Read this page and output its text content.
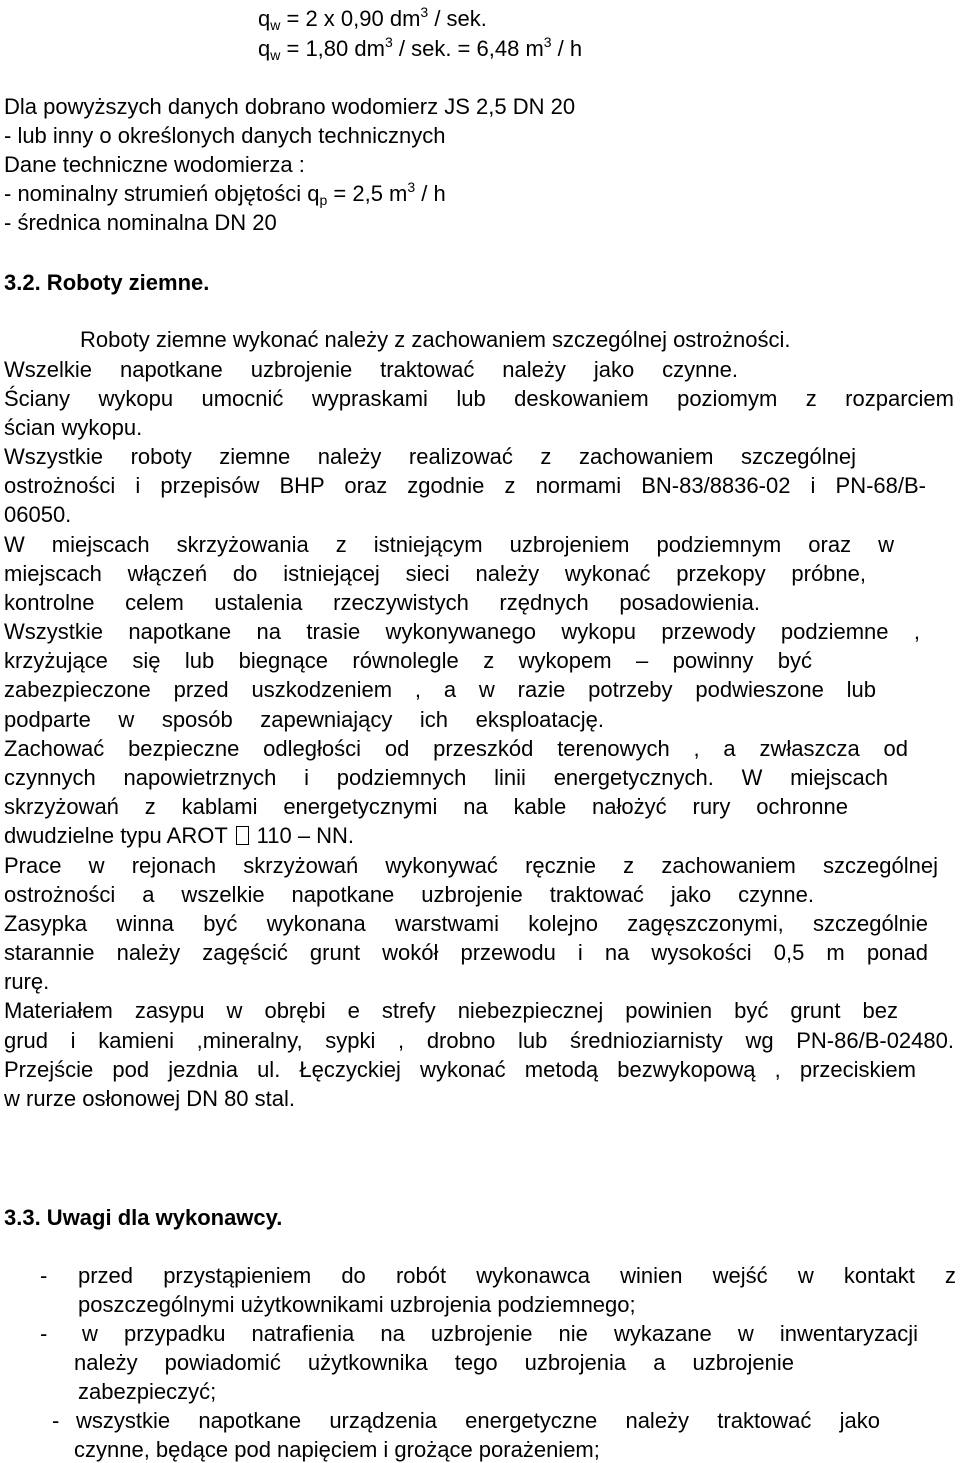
$q_w = 2$ x 0,90 $dm^3$ / sek.
$q_w = 1,80$ $dm^3$ / sek. = 6,48 $m^3$ / h
Dla powyższych danych dobrano wodomierz JS 2,5 DN 20
- lub inny o określonych danych technicznych
Dane techniczne wodomierza :
- nominalny strumień objętości $q_p = 2,5$ $m^3$ / h
- średnica nominalna DN 20
3.2. Roboty ziemne.
Roboty ziemne wykonać należy z zachowaniem szczególnej ostrożności.
Wszelkie napotkane uzbrojenie traktować należy jako czynne.
Ściany wykopu umocnić wypraskami lub deskowaniem poziomym z rozparciem
ścian wykopu.
Wszystkie roboty ziemne należy realizować z zachowaniem szczególnej
ostrożności i przepisów BHP oraz zgodnie z normami BN-83/8836-02 i PN-68/B-
06050.
W miejscach skrzyżowania z istniejącym uzbrojeniem podziemnym oraz w
miejscach włączeń do istniejącej sieci należy wykonać przekopy próbne,
kontrolne celem ustalenia rzeczywistych rzędnych posadowienia.
Wszystkie napotkane na trasie wykonywanego wykopu przewody podziemne ,
krzyżujące się lub biegnące równolegle z wykopem – powinny być
zabezpieczone przed uszkodzeniem , a w razie potrzeby podwieszone lub
podparte w sposób zapewniający ich eksploatację.
Zachować bezpieczne odległości od przeszkód terenowych , a zwłaszcza od
czynnych napowietrznych i podziemnych linii energetycznych. W miejscach
skrzyżowań z kablami energetycznymi na kable nałożyć rury ochronne
dwudzielne typu AROT  110 – NN.
Prace w rejonach skrzyżowań wykonywać ręcznie z zachowaniem szczególnej
ostrożności a wszelkie napotkane uzbrojenie traktować jako czynne.
Zasypka winna być wykonana warstwami kolejno zagęszczonymi, szczególnie
starannie należy zagęścić grunt wokół przewodu i na wysokości 0,5 m ponad
rurę.
Materiałem zasypu w obrębi e strefy niebezpiecznej powinien być grunt bez
grud i kamieni ,mineralny, sypki , drobno lub średnioziarnisty wg PN-86/B-02480.
Przejście pod jezdnia ul. Łęczyckiej wykonać metodą bezwykopową , przeciskiem
w rurze osłonowej DN 80 stal.
3.3. Uwagi dla wykonawcy.
- przed przystąpieniem do robót wykonawca winien wejść w kontakt z
poszczególnymi użytkownikami uzbrojenia podziemnego;
- w przypadku natrafienia na uzbrojenie nie wykazane w inwentaryzacji
należy powiadomić użytkownika tego uzbrojenia a uzbrojenie
zabezpieczyć;
- wszystkie napotkane urządzenia energetyczne należy traktować jako
czynne, będące pod napięciem i grożące porażeniem;
